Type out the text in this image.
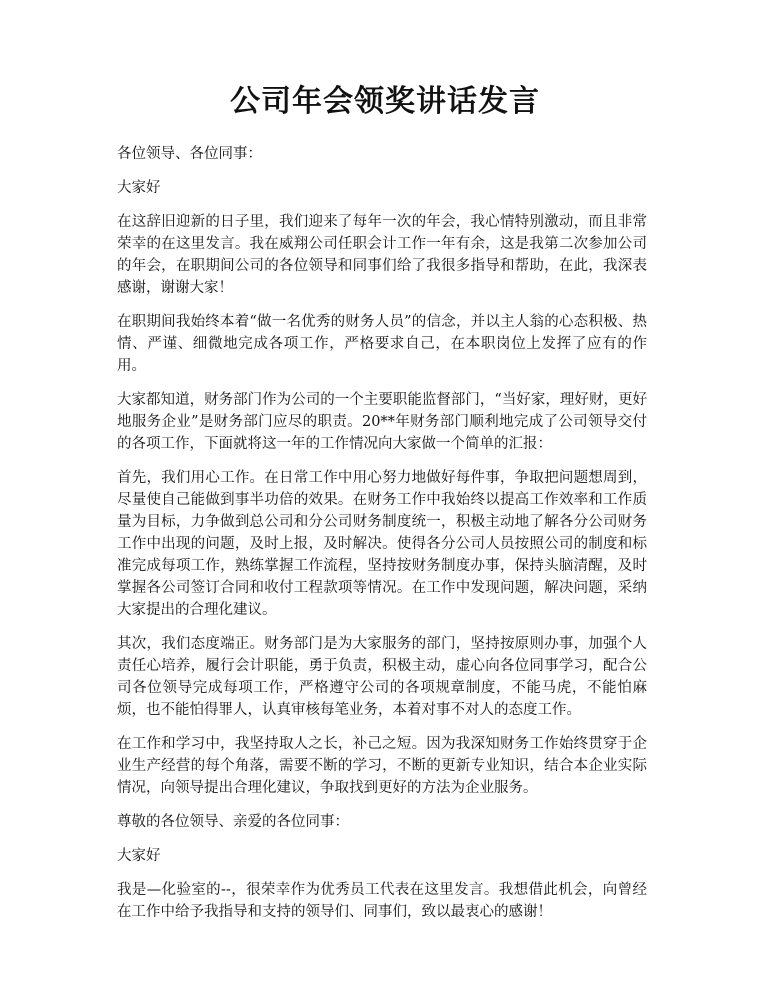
公司年会领奖讲话发言

各位领导、各位同事：

大家好

在这辞旧迎新的日子里，我们迎来了每年一次的年会，我心情特别激动，而且非常荣幸的在这里发言。我在威翔公司任职会计工作一年有余，这是我第二次参加公司的年会，在职期间公司的各位领导和同事们给了我很多指导和帮助，在此，我深表感谢，谢谢大家！

在职期间我始终本着“做一名优秀的财务人员”的信念，并以主人翁的心态积极、热情、严谨、细微地完成各项工作，严格要求自己，在本职岗位上发挥了应有的作用。

大家都知道，财务部门作为公司的一个主要职能监督部门，“当好家，理好财，更好地服务企业”是财务部门应尽的职责。20**年财务部门顺利地完成了公司领导交付的各项工作，下面就将这一年的工作情况向大家做一个简单的汇报：

首先，我们用心工作。在日常工作中用心努力地做好每件事，争取把问题想周到，尽量使自己能做到事半功倍的效果。在财务工作中我始终以提高工作效率和工作质量为目标，力争做到总公司和分公司财务制度统一，积极主动地了解各分公司财务工作中出现的问题，及时上报，及时解决。使得各分公司人员按照公司的制度和标准完成每项工作，熟练掌握工作流程，坚持按财务制度办事，保持头脑清醒，及时掌握各公司签订合同和收付工程款项等情况。在工作中发现问题，解决问题，采纳大家提出的合理化建议。

其次，我们态度端正。财务部门是为大家服务的部门，坚持按原则办事，加强个人责任心培养，履行会计职能，勇于负责，积极主动，虚心向各位同事学习，配合公司各位领导完成每项工作，严格遵守公司的各项规章制度，不能马虎，不能怕麻烦，也不能怕得罪人，认真审核每笔业务，本着对事不对人的态度工作。

在工作和学习中，我坚持取人之长，补己之短。因为我深知财务工作始终贯穿于企业生产经营的每个角落，需要不断的学习，不断的更新专业知识，结合本企业实际情况，向领导提出合理化建议，争取找到更好的方法为企业服务。

尊敬的各位领导、亲爱的各位同事：

大家好

我是—化验室的--，很荣幸作为优秀员工代表在这里发言。我想借此机会，向曾经在工作中给予我指导和支持的领导们、同事们，致以最衷心的感谢！
